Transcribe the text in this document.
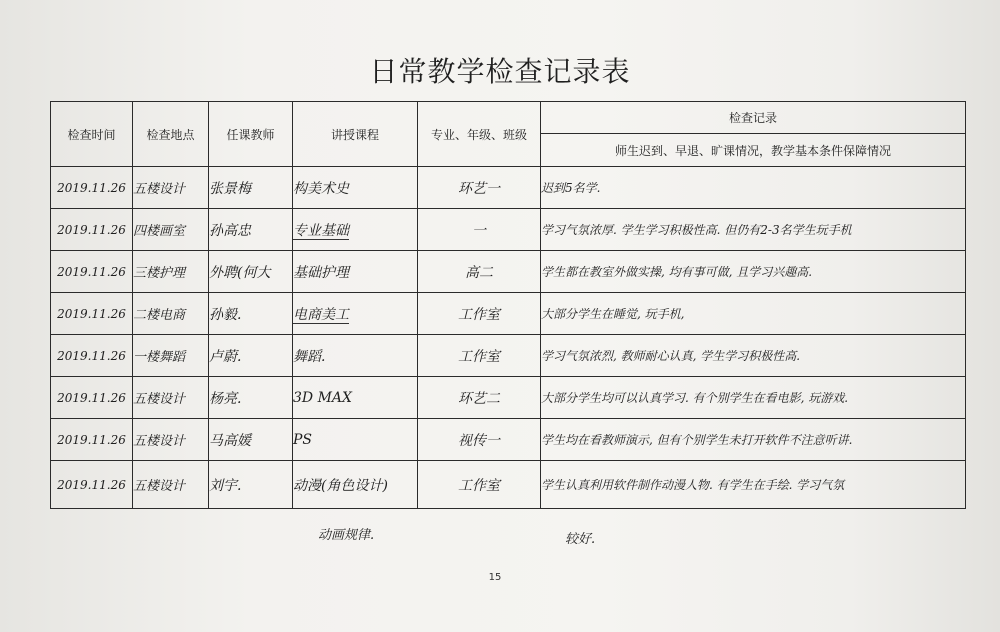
日常教学检查记录表
检查时间	检查地点	任课教师	讲授课程	专业、年级、班级	检查记录
					师生迟到、早退、旷课情况，教学基本条件保障情况
2019.11.26	五楼设计	张景梅	构美术史	环艺一	迟到5名学.
2019.11.26	四楼画室	孙高忠	专业基础	一	学习气氛浓厚. 学生学习积极性高. 但仍有2-3名学生玩手机
2019.11.26	三楼护理	外聘(何大	基础护理	高二	学生都在教室外做实操, 均有事可做, 且学习兴趣高.
2019.11.26	二楼电商	孙毅.	电商美工	工作室	大部分学生在睡觉, 玩手机,
2019.11.26	一楼舞蹈	卢蔚.	舞蹈.	工作室	学习气氛浓烈, 教师耐心认真, 学生学习积极性高.
2019.11.26	五楼设计	杨亮.	3D MAX	环艺二	大部分学生均可以认真学习. 有个别学生在看电影, 玩游戏.
2019.11.26	五楼设计	马高媛	PS	视传一	学生均在看教师演示, 但有个别学生未打开软件不注意听讲.
2019.11.26	五楼设计	刘宇.	动漫(角色设计)	工作室	学生认真利用软件制作动漫人物. 有学生在手绘. 学习气氛
动画规律.	较好.
15
